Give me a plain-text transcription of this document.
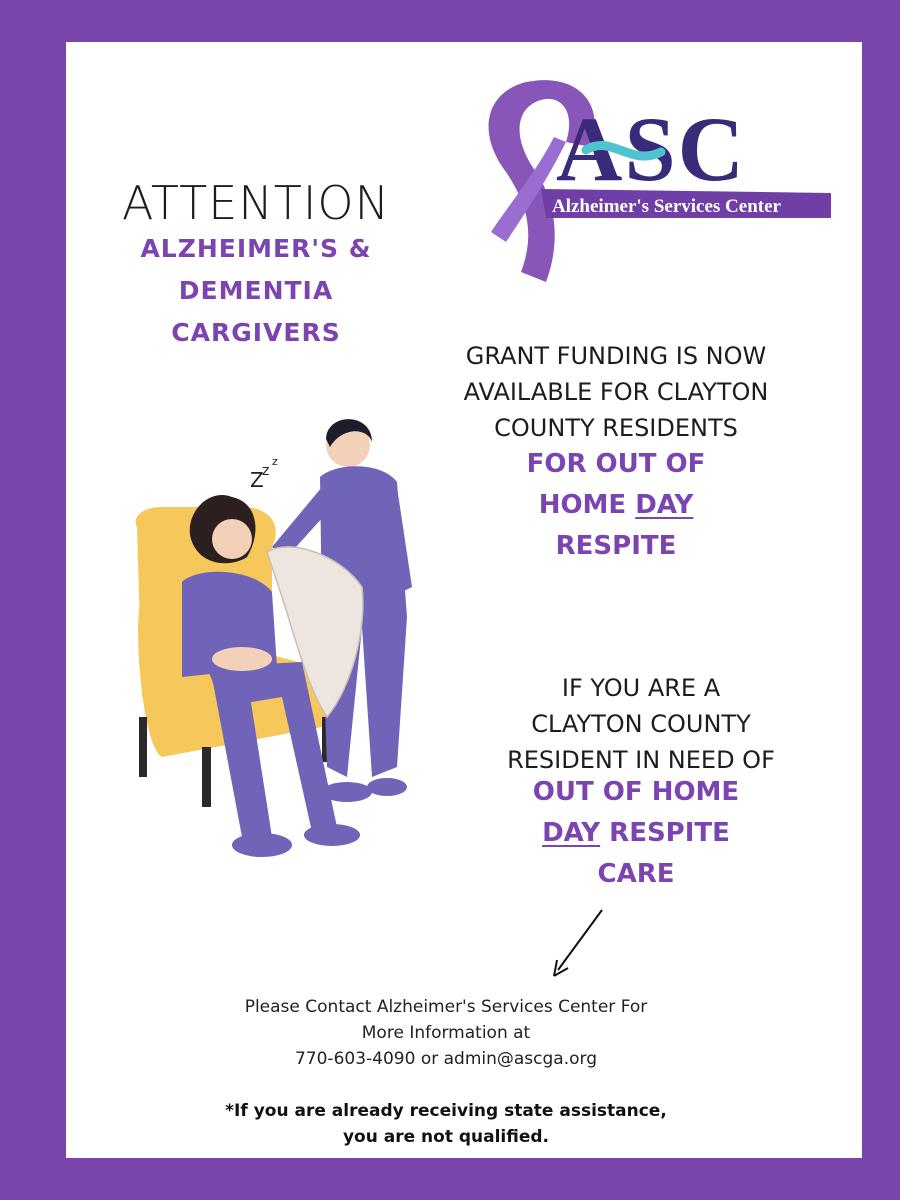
ASC
Alzheimer's Services Center
ATTENTION
ALZHEIMER'S & DEMENTIA
CARGIVERS
GRANT FUNDING IS NOW
AVAILABLE FOR CLAYTON
COUNTY RESIDENTS
FOR OUT OF
HOME DAY
RESPITE
Z
z
z
IF YOU ARE A
CLAYTON COUNTY
RESIDENT IN NEED OF
OUT OF HOME
DAY RESPITE
CARE
Please Contact Alzheimer's Services Center For
More Information at
770-603-4090 or admin@ascga.org
*If you are already receiving state assistance,
you are not qualified.
